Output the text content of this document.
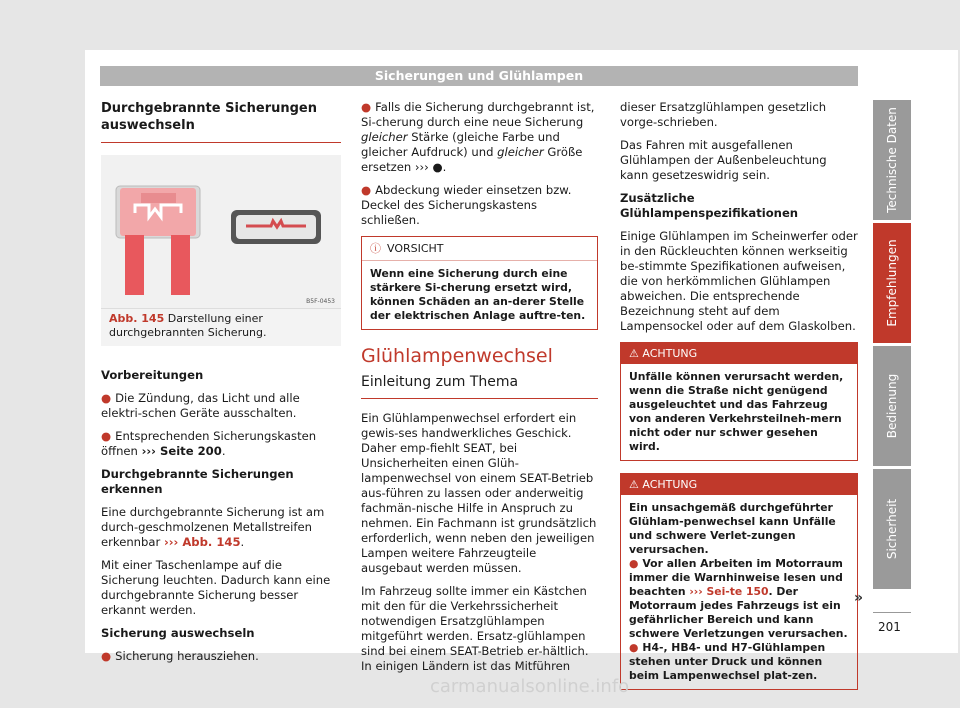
Sicherungen und Glühlampen
Durchgebrannte Sicherungen auswechseln
B5F-0453
Abb. 145 Darstellung einer durchgebrannten Sicherung.

Vorbereitungen

● Die Zündung, das Licht und alle elektri-schen Geräte ausschalten.

● Entsprechenden Sicherungskasten öffnen ››› Seite 200.

Durchgebrannte Sicherungen erkennen

Eine durchgebrannte Sicherung ist am durch-geschmolzenen Metallstreifen erkennbar ››› Abb. 145.

Mit einer Taschenlampe auf die Sicherung leuchten. Dadurch kann eine durchgebrannte Sicherung besser erkannt werden.

Sicherung auswechseln

● Sicherung herausziehen.

● Falls die Sicherung durchgebrannt ist, Si-cherung durch eine neue Sicherung gleicher Stärke (gleiche Farbe und gleicher Aufdruck) und gleicher Größe ersetzen ››› ●.

● Abdeckung wieder einsetzen bzw. Deckel des Sicherungskastens schließen.

ⓘ VORSICHT
Wenn eine Sicherung durch eine stärkere Si-cherung ersetzt wird, können Schäden an an-derer Stelle der elektrischen Anlage auftre-ten.
Glühlampenwechsel
Einleitung zum Thema

Ein Glühlampenwechsel erfordert ein gewis-ses handwerkliches Geschick. Daher emp-fiehlt SEAT, bei Unsicherheiten einen Glüh-lampenwechsel von einem SEAT-Betrieb aus-führen zu lassen oder anderweitig fachmän-nische Hilfe in Anspruch zu nehmen. Ein Fachmann ist grundsätzlich erforderlich, wenn neben den jeweiligen Lampen weitere Fahrzeugteile ausgebaut werden müssen.

Im Fahrzeug sollte immer ein Kästchen mit den für die Verkehrssicherheit notwendigen Ersatzglühlampen mitgeführt werden. Ersatz-glühlampen sind bei einem SEAT-Betrieb er-hältlich. In einigen Ländern ist das Mitführen

dieser Ersatzglühlampen gesetzlich vorge-schrieben.

Das Fahren mit ausgefallenen Glühlampen der Außenbeleuchtung kann gesetzeswidrig sein.

Zusätzliche Glühlampenspezifikationen

Einige Glühlampen im Scheinwerfer oder in den Rückleuchten können werkseitig be-stimmte Spezifikationen aufweisen, die von herkömmlichen Glühlampen abweichen. Die entsprechende Bezeichnung steht auf dem Lampensockel oder auf dem Glaskolben.

⚠ ACHTUNG
Unfälle können verursacht werden, wenn die Straße nicht genügend ausgeleuchtet und das Fahrzeug von anderen Verkehrsteilneh-mern nicht oder nur schwer gesehen wird.
⚠ ACHTUNG
Ein unsachgemäß durchgeführter Glühlam-penwechsel kann Unfälle und schwere Verlet-zungen verursachen.
● Vor allen Arbeiten im Motorraum immer die Warnhinweise lesen und beachten ››› Sei-te 150. Der Motorraum jedes Fahrzeugs ist ein gefährlicher Bereich und kann schwere Verletzungen verursachen.
● H4-, HB4- und H7-Glühlampen stehen unter Druck und können beim Lampenwechsel plat-zen.
»
Technische Daten
Empfehlungen
Bedienung
Sicherheit
201
carmanualsonline.info
